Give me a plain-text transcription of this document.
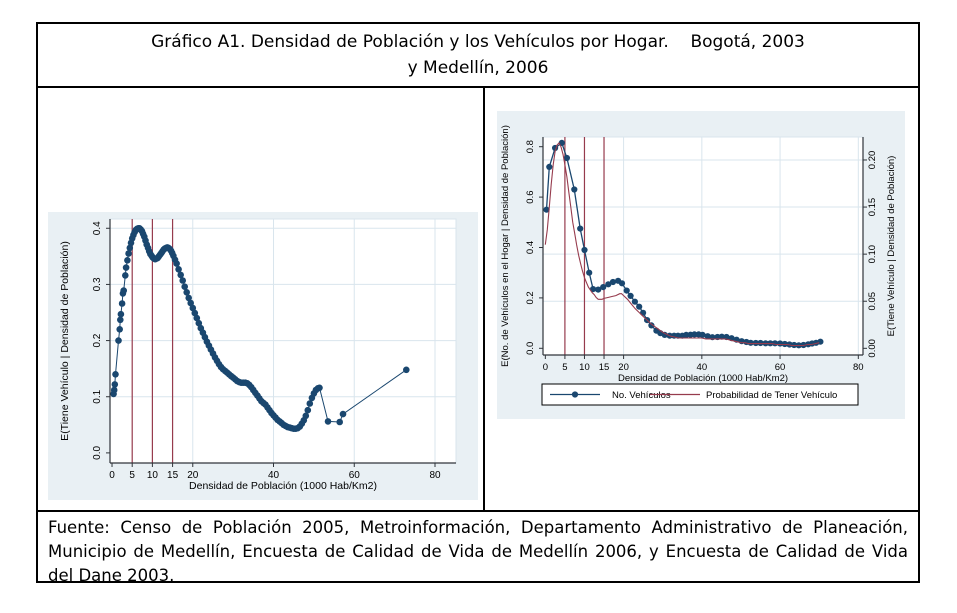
Gráfico A1. Densidad de Población y los Vehículos por Hogar.    Bogotá, 2003
y Medellín, 2006
0 5 10 15 20	40	60	80
0.0
0.1
0.2
0.3
0.4
Densidad de Población (1000 Hab/Km2)
E(Tiene Vehículo | Densidad de Población)	0 5 10 15 20	40	60	80
0.0
0.2
0.4
0.6
0.8
0.00
0.05
0.10
0.15
0.20
Densidad de Población (1000 Hab/Km2)
E(No. de Vehículos en el Hogar | Densidad de Población)	E(Tiene Vehículo | Densidad de Población)
No. Vehículos	Probabilidad de Tener Vehículo
Fuente: Censo de Población 2005, Metroinformación, Departamento Administrativo de Planeación, Municipio de Medellín, Encuesta de Calidad de Vida de Medellín 2006, y Encuesta de Calidad de Vida del Dane 2003.
